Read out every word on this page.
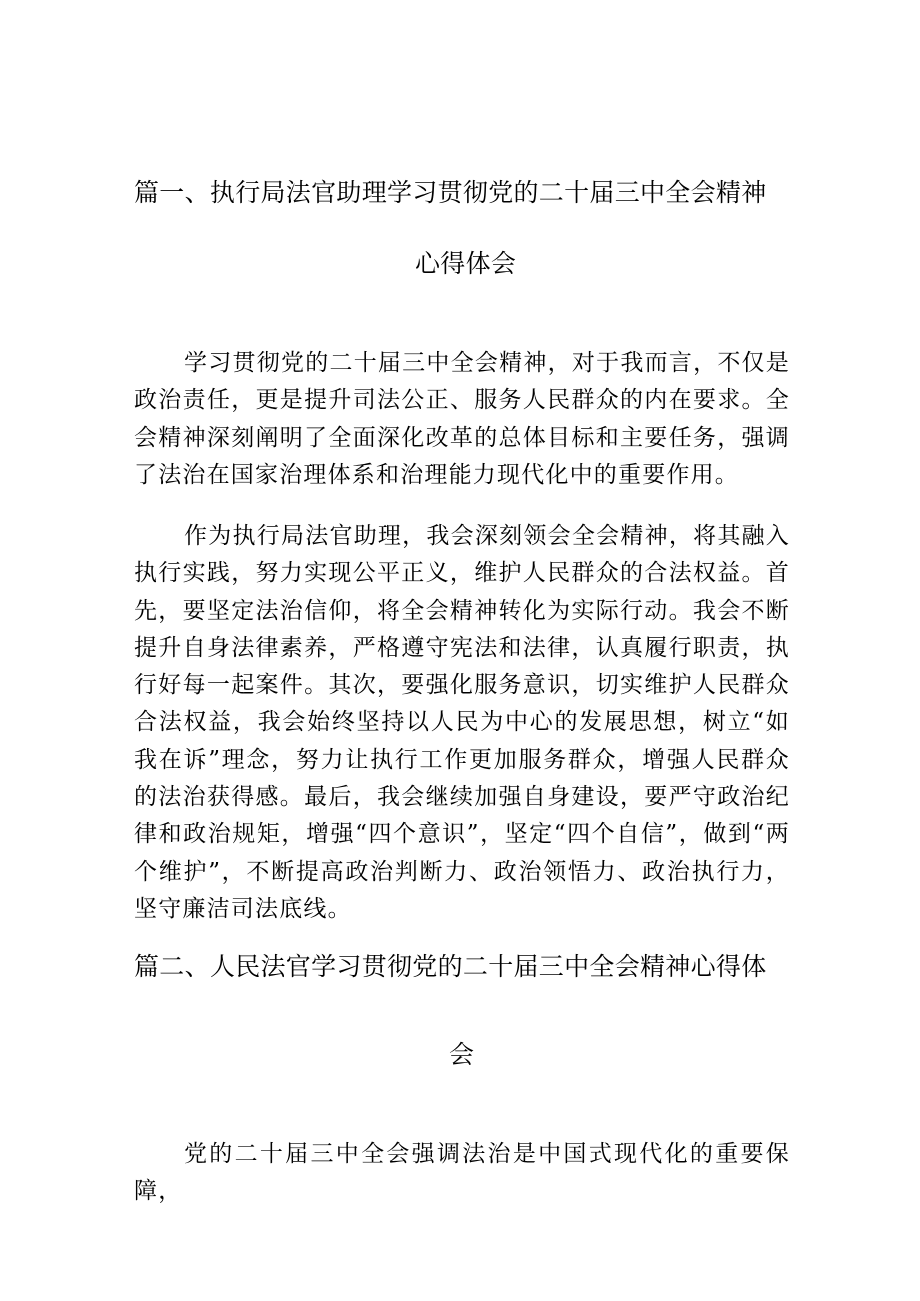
篇一、执行局法官助理学习贯彻党的二十届三中全会精神
心得体会

学习贯彻党的二十届三中全会精神，对于我而言，不仅是政治责任，更是提升司法公正、服务人民群众的内在要求。全会精神深刻阐明了全面深化改革的总体目标和主要任务，强调了法治在国家治理体系和治理能力现代化中的重要作用。

作为执行局法官助理，我会深刻领会全会精神，将其融入执行实践，努力实现公平正义，维护人民群众的合法权益。首先，要坚定法治信仰，将全会精神转化为实际行动。我会不断提升自身法律素养，严格遵守宪法和法律，认真履行职责，执行好每一起案件。其次，要强化服务意识，切实维护人民群众合法权益，我会始终坚持以人民为中心的发展思想，树立“如我在诉”理念，努力让执行工作更加服务群众，增强人民群众的法治获得感。最后，我会继续加强自身建设，要严守政治纪律和政治规矩，增强“四个意识”，坚定“四个自信”，做到“两个维护”，不断提高政治判断力、政治领悟力、政治执行力，坚守廉洁司法底线。

篇二、人民法官学习贯彻党的二十届三中全会精神心得体
会

党的二十届三中全会强调法治是中国式现代化的重要保障，
